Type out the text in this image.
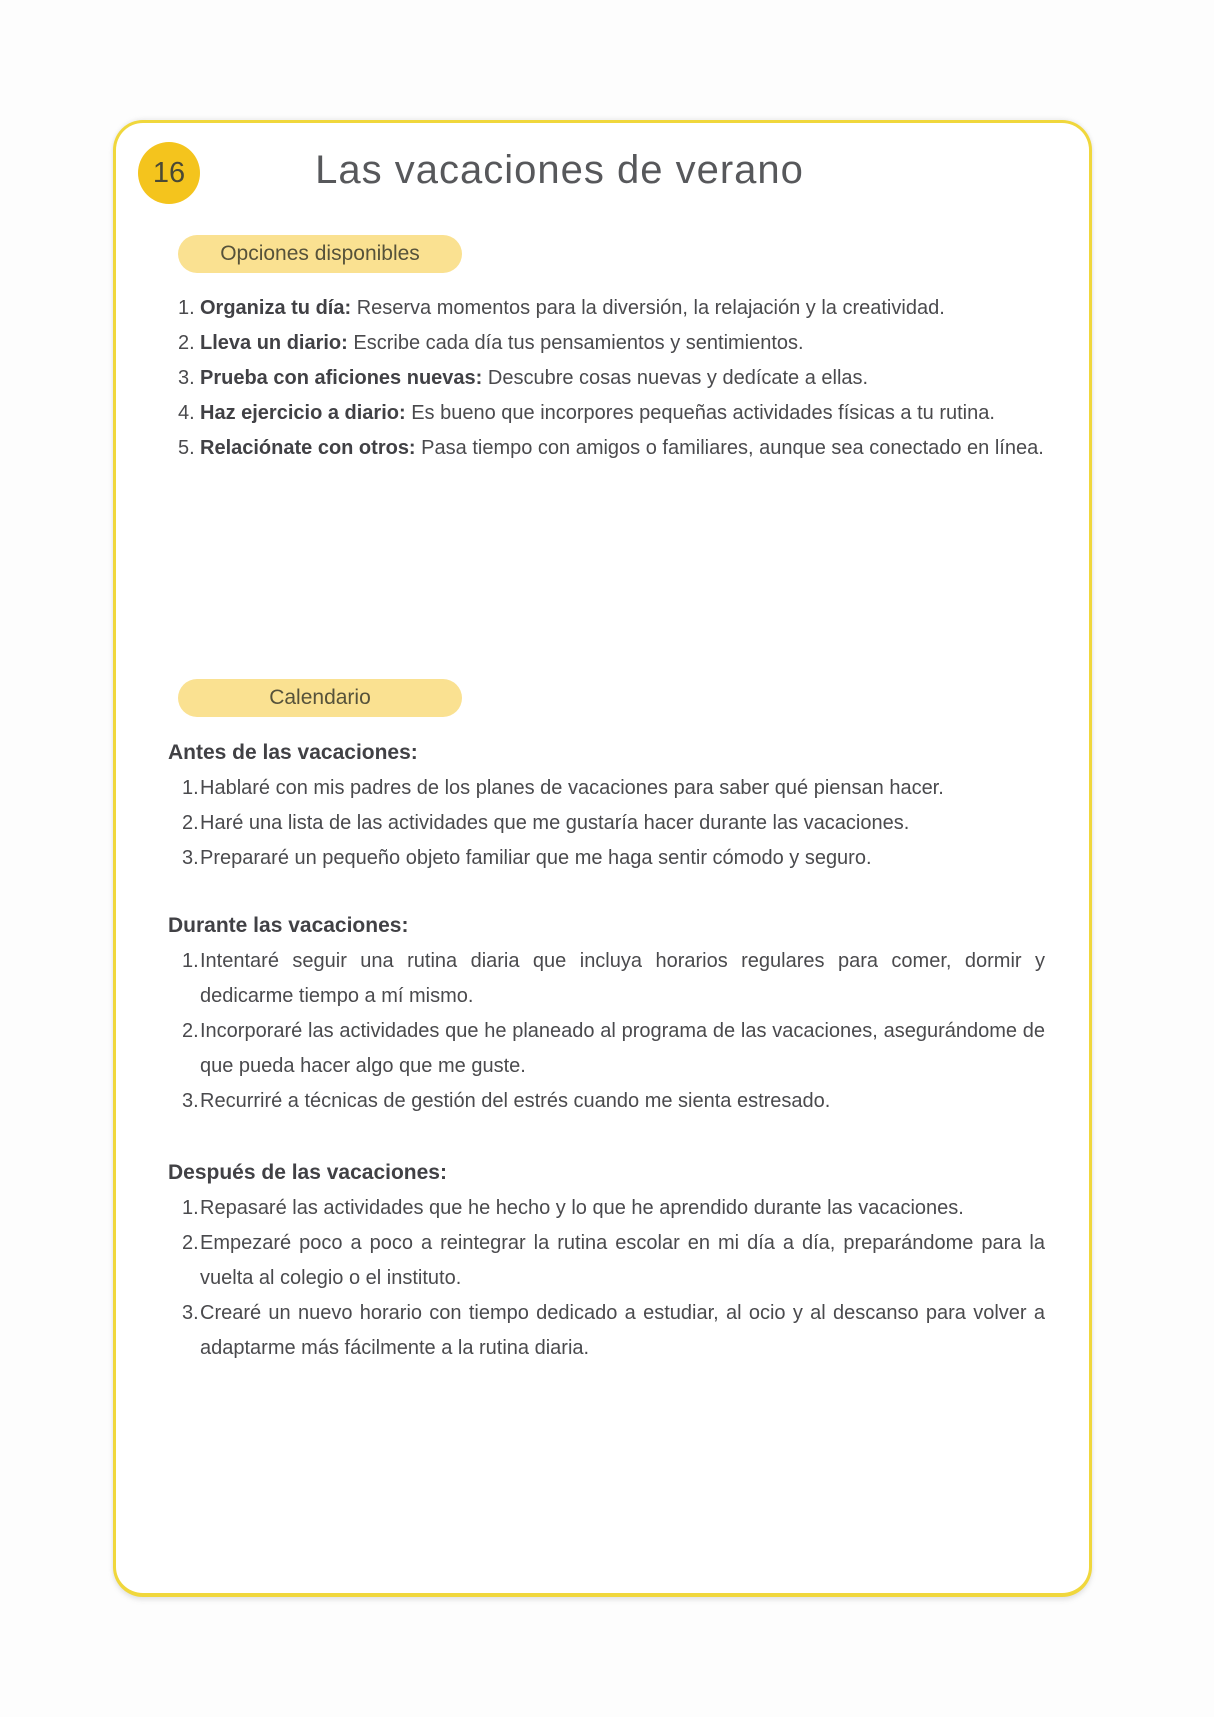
16	Las vacaciones de verano
Opciones disponibles
Organiza tu día: Reserva momentos para la diversión, la relajación y la creatividad.
Lleva un diario: Escribe cada día tus pensamientos y sentimientos.
Prueba con aficiones nuevas: Descubre cosas nuevas y dedícate a ellas.
Haz ejercicio a diario: Es bueno que incorpores pequeñas actividades físicas a tu rutina.
Relaciónate con otros: Pasa tiempo con amigos o familiares, aunque sea conectado en línea.
Calendario
Antes de las vacaciones:
Hablaré con mis padres de los planes de vacaciones para saber qué piensan hacer.
Haré una lista de las actividades que me gustaría hacer durante las vacaciones.
Prepararé un pequeño objeto familiar que me haga sentir cómodo y seguro.
Durante las vacaciones:
Intentaré seguir una rutina diaria que incluya horarios regulares para comer, dormir y dedicarme tiempo a mí mismo.
Incorporaré las actividades que he planeado al programa de las vacaciones, asegurándome de que pueda hacer algo que me guste.
Recurriré a técnicas de gestión del estrés cuando me sienta estresado.
Después de las vacaciones:
Repasaré las actividades que he hecho y lo que he aprendido durante las vacaciones.
Empezaré poco a poco a reintegrar la rutina escolar en mi día a día, preparándome para la vuelta al colegio o el instituto.
Crearé un nuevo horario con tiempo dedicado a estudiar, al ocio y al descanso para volver a adaptarme más fácilmente a la rutina diaria.
